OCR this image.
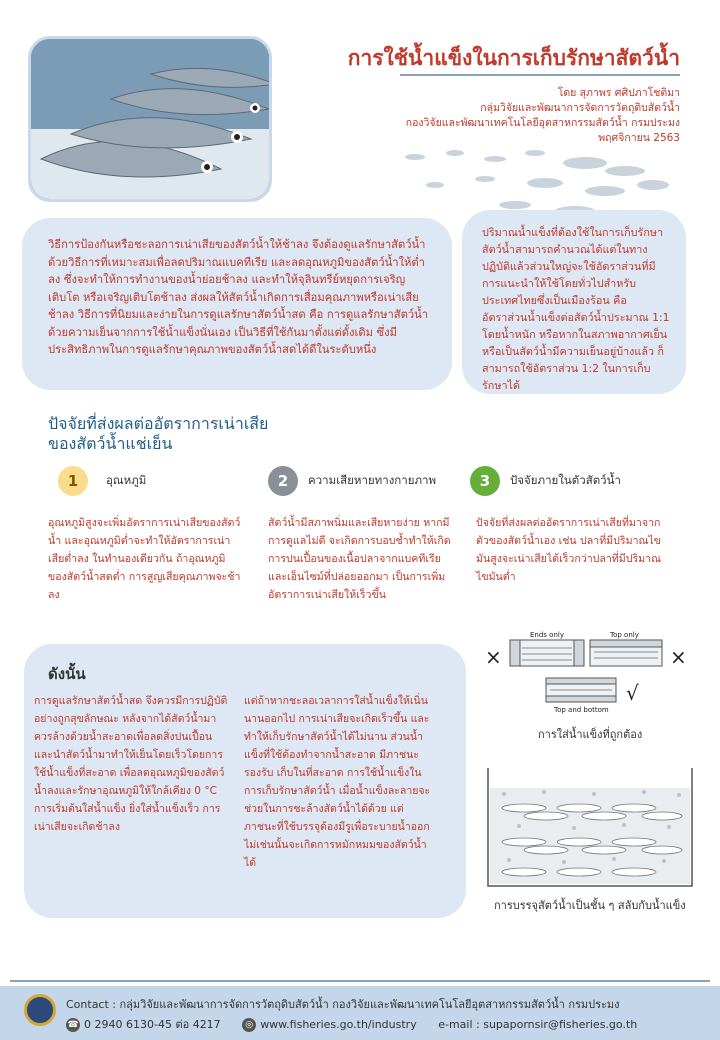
การใช้น้ำแข็งในการเก็บรักษาสัตว์น้ำ
โดย สุภาพร ศศิปภาโชติมา
กลุ่มวิจัยและพัฒนาการจัดการวัตถุดิบสัตว์น้ำ
กองวิจัยและพัฒนาเทคโนโลยีอุตสาหกรรมสัตว์น้ำ กรมประมง
พฤศจิกายน 2563

วิธีการป้องกันหรือชะลอการเน่าเสียของสัตว์น้ำให้ช้าลง จึงต้องดูแลรักษาสัตว์น้ำด้วยวิธีการที่เหมาะสมเพื่อลดปริมาณแบคทีเรีย และลดอุณหภูมิของสัตว์น้ำให้ต่ำลง ซึ่งจะทำให้การทำงานของน้ำย่อยช้าลง และทำให้จุลินทรีย์หยุดการเจริญเติบโต หรือเจริญเติบโตช้าลง ส่งผลให้สัตว์น้ำเกิดการเสื่อมคุณภาพหรือเน่าเสียช้าลง วิธีการที่นิยมและง่ายในการดูแลรักษาสัตว์น้ำสด คือ การดูแลรักษาสัตว์น้ำด้วยความเย็นจากการใช้น้ำแข็งนั่นเอง เป็นวิธีที่ใช้กันมาตั้งแต่ดั้งเดิม ซึ่งมีประสิทธิภาพในการดูแลรักษาคุณภาพของสัตว์น้ำสดได้ดีในระดับหนึ่ง

ปริมาณน้ำแข็งที่ต้องใช้ในการเก็บรักษาสัตว์น้ำสามารถคำนวณได้แต่ในทางปฏิบัติแล้วส่วนใหญ่จะใช้อัตราส่วนที่มีการแนะนำให้ใช้โดยทั่วไปสำหรับประเทศไทยซึ่งเป็นเมืองร้อน คือ อัตราส่วนน้ำแข็งต่อสัตว์น้ำประมาณ 1:1 โดยน้ำหนัก หรือหากในสภาพอากาศเย็นหรือเป็นสัตว์น้ำมีความเย็นอยู่บ้างแล้ว ก็สามารถใช้อัตราส่วน 1:2 ในการเก็บรักษาได้

ปัจจัยที่ส่งผลต่ออัตราการเน่าเสีย
ของสัตว์น้ำแช่เย็น
1 อุณหภูมิ	2 ความเสียหายทางกายภาพ	3 ปัจจัยภายในตัวสัตว์น้ำ
อุณหภูมิสูงจะเพิ่มอัตราการเน่าเสียของสัตว์น้ำ และอุณหภูมิต่ำจะทำให้อัตราการเน่าเสียต่ำลง ในทำนองเดียวกัน ถ้าอุณหภูมิของสัตว์น้ำสดต่ำ การสูญเสียคุณภาพจะช้าลง
สัตว์น้ำมีสภาพนิ่มและเสียหายง่าย หากมีการดูแลไม่ดี จะเกิดการบอบช้ำทำให้เกิดการปนเปื้อนของเนื้อปลาจากแบคทีเรียและเอ็นไซม์ที่ปล่อยออกมา เป็นการเพิ่มอัตราการเน่าเสียให้เร็วขึ้น
ปัจจัยที่ส่งผลต่ออัตราการเน่าเสียที่มาจากตัวของสัตว์น้ำเอง เช่น ปลาที่มีปริมาณไขมันสูงจะเน่าเสียได้เร็วกว่าปลาที่มีปริมาณไขมันต่ำ
ดังนั้น
การดูแลรักษาสัตว์น้ำสด จึงควรมีการปฏิบัติอย่างถูกสุขลักษณะ หลังจากได้สัตว์น้ำมาควรล้างด้วยน้ำสะอาดเพื่อลดสิ่งปนเปื้อน และนำสัตว์น้ำมาทำให้เย็นโดยเร็วโดยการใช้น้ำแข็งที่สะอาด เพื่อลดอุณหภูมิของสัตว์น้ำลงและรักษาอุณหภูมิให้ใกล้เคียง 0 °C การเริ่มต้นใส่น้ำแข็ง ยิ่งใส่น้ำแข็งเร็ว การเน่าเสียจะเกิดช้าลง
แต่ถ้าหากชะลอเวลาการใส่น้ำแข็งให้เนิ่นนานออกไป การเน่าเสียจะเกิดเร็วขึ้น และทำให้เก็บรักษาสัตว์น้ำได้ไม่นาน ส่วนน้ำแข็งที่ใช้ต้องทำจากน้ำสะอาด มีภาชนะรองรับ เก็บในที่สะอาด การใช้น้ำแข็งในการเก็บรักษาสัตว์น้ำ เมื่อน้ำแข็งละลายจะช่วยในการชะล้างสัตว์น้ำได้ด้วย แต่ภาชนะที่ใช้บรรจุต้องมีรูเพื่อระบายน้ำออก ไม่เช่นนั้นจะเกิดการหมักหมมของสัตว์น้ำได้
×
Ends only	Top only
×
Top and bottom
√
การใส่น้ำแข็งที่ถูกต้อง
การบรรจุสัตว์น้ำเป็นชั้น ๆ สลับกับน้ำแข็ง
Contact : กลุ่มวิจัยและพัฒนาการจัดการวัตถุดิบสัตว์น้ำ กองวิจัยและพัฒนาเทคโนโลยีอุตสาหกรรมสัตว์น้ำ กรมประมง
☎ 0 2940 6130-45 ต่อ 4217	◎ www.fisheries.go.th/industry e-mail : supapornsir@fisheries.go.th
